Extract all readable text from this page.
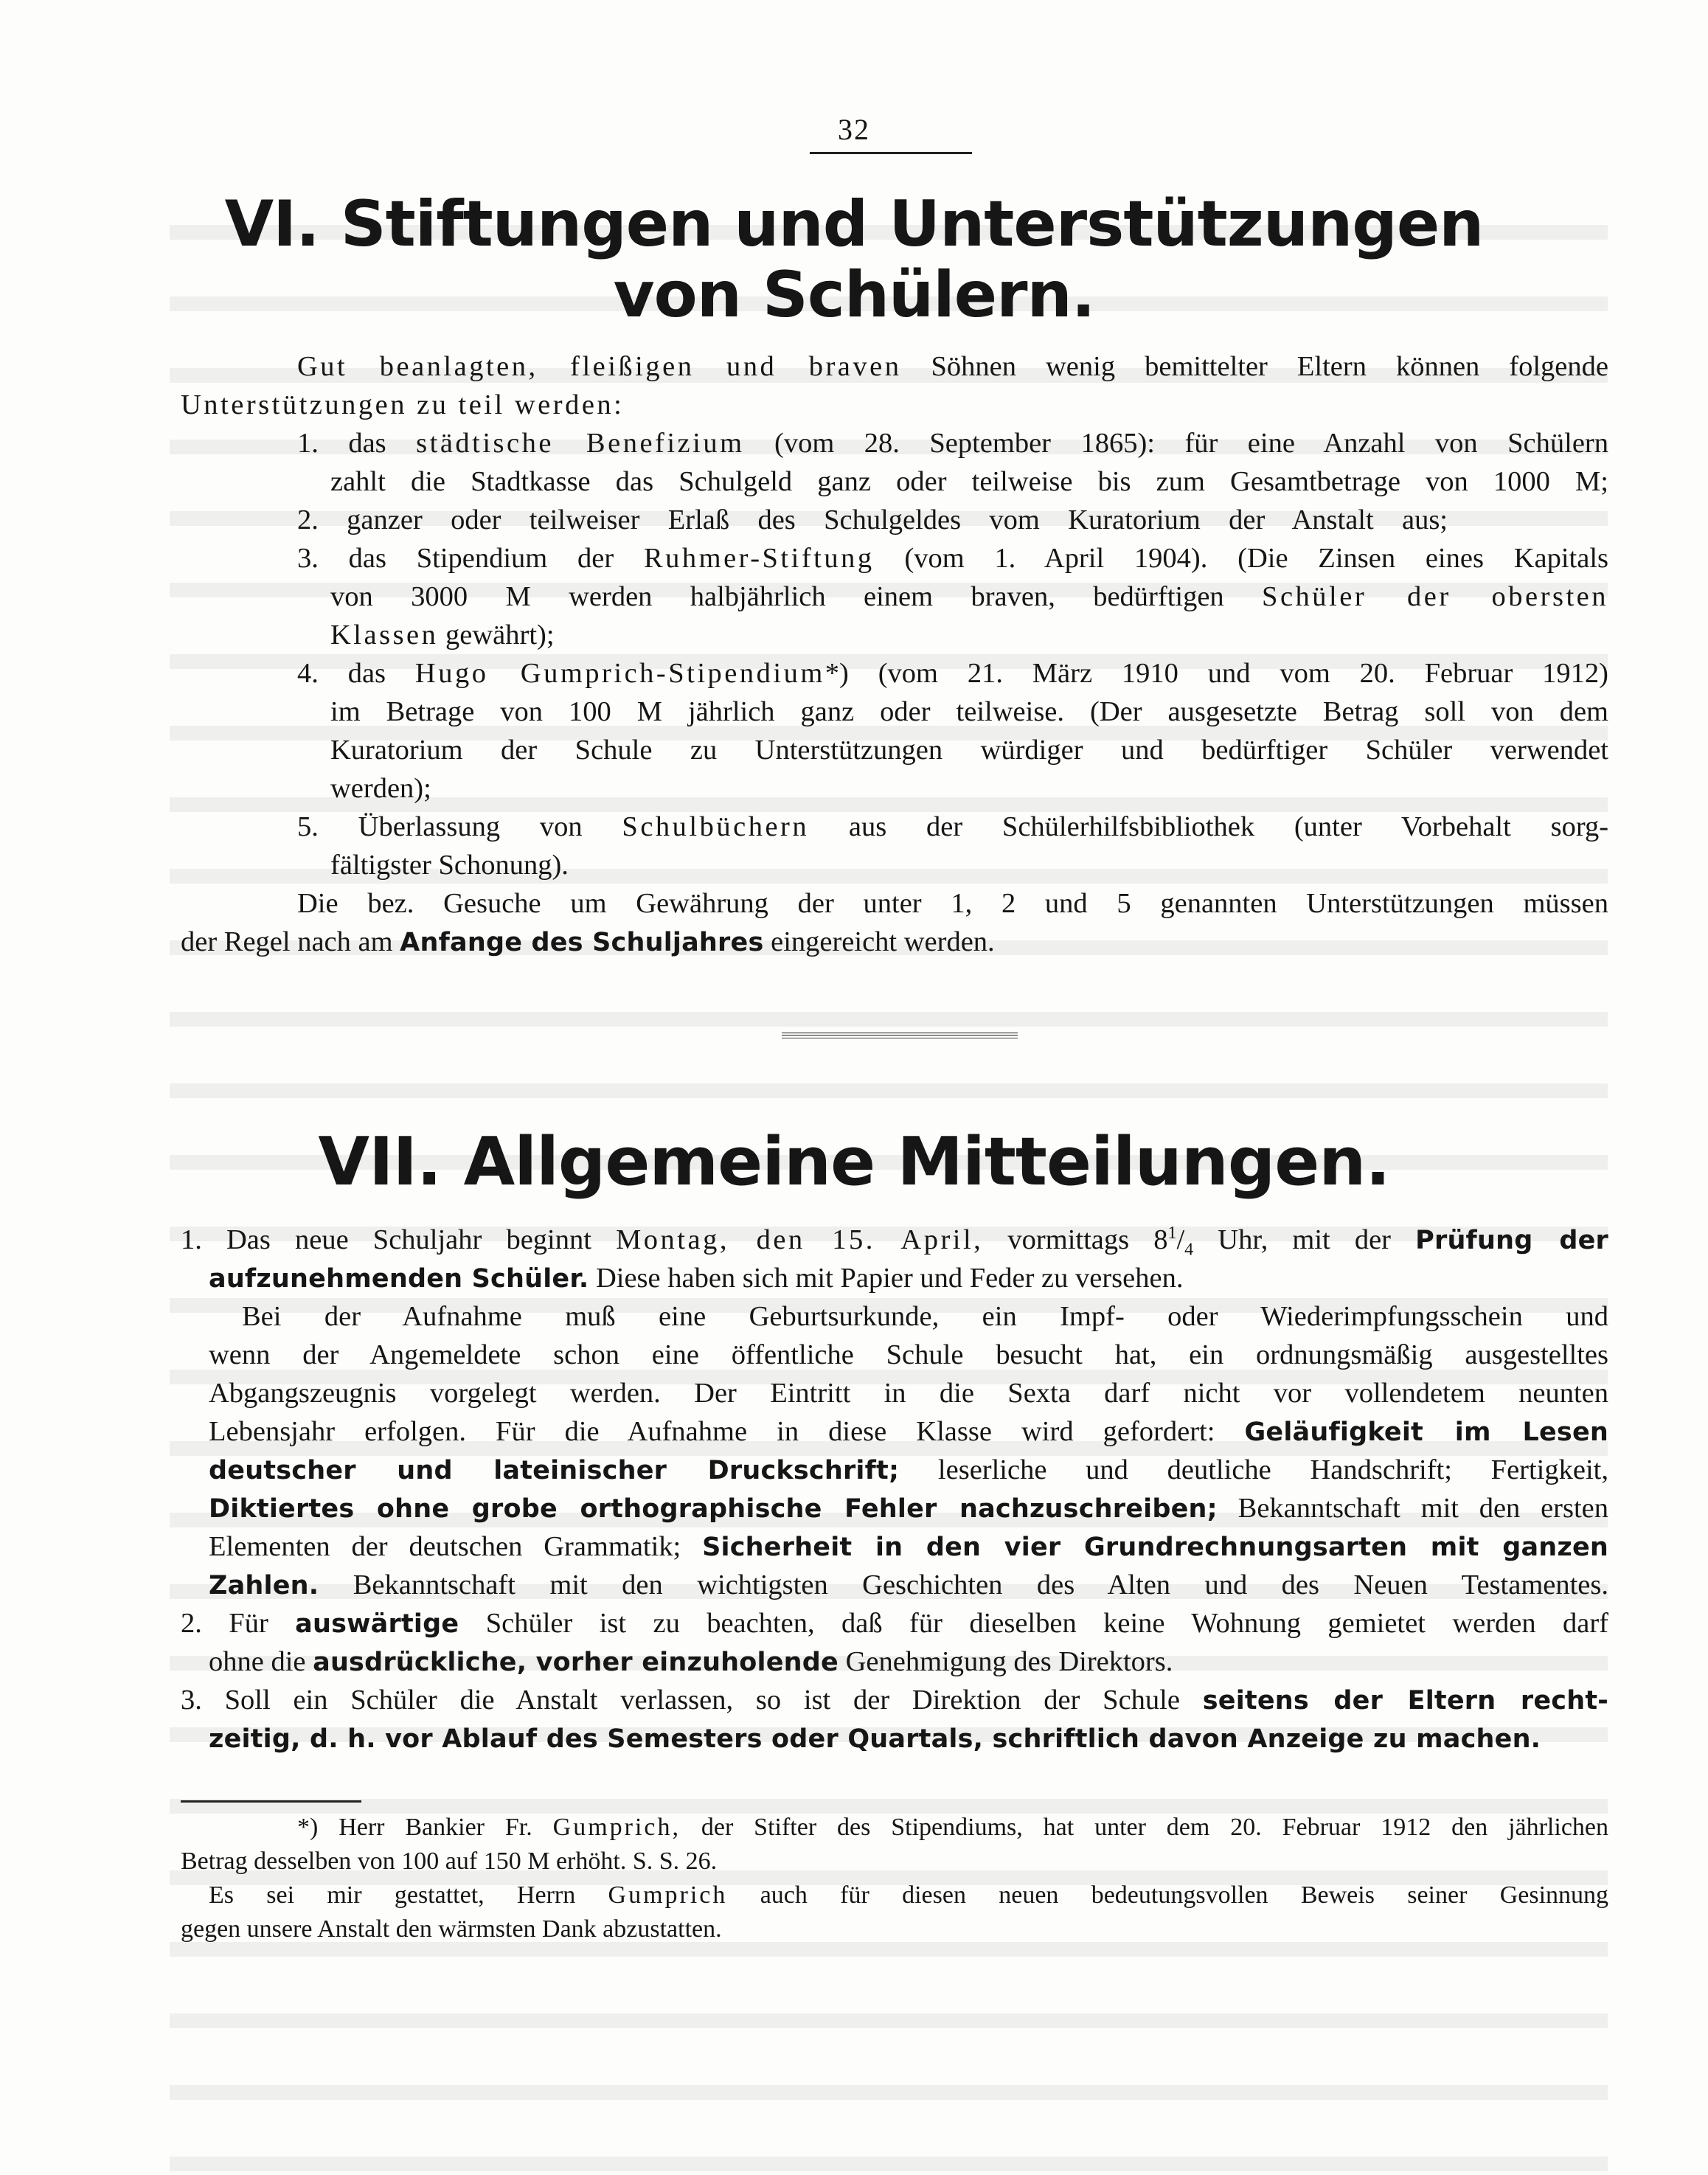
32
VI. Stiftungen und Unterstützungen
von Schülern.
Gut beanlagten, fleißigen und braven Söhnen wenig bemittelter Eltern können folgende
Unterstützungen zu teil werden:
1. das städtische Benefizium (vom 28. September 1865): für eine Anzahl von Schülern
zahlt die Stadtkasse das Schulgeld ganz oder teilweise bis zum Gesamtbetrage von 1000 M;
2. ganzer oder teilweiser Erlaß des Schulgeldes vom Kuratorium der Anstalt aus;
3. das Stipendium der Ruhmer-Stiftung (vom 1. April 1904). (Die Zinsen eines Kapitals
von 3000 M werden halbjährlich einem braven, bedürftigen Schüler der obersten
Klassen gewährt);
4. das Hugo Gumprich-Stipendium*) (vom 21. März 1910 und vom 20. Februar 1912)
im Betrage von 100 M jährlich ganz oder teilweise. (Der ausgesetzte Betrag soll von dem
Kuratorium der Schule zu Unterstützungen würdiger und bedürftiger Schüler verwendet
werden);
5. Überlassung von Schulbüchern aus der Schülerhilfsbibliothek (unter Vorbehalt sorg-
fältigster Schonung).
Die bez. Gesuche um Gewährung der unter 1, 2 und 5 genannten Unterstützungen müssen
der Regel nach am Anfange des Schuljahres eingereicht werden.
VII. Allgemeine Mitteilungen.
1. Das neue Schuljahr beginnt Montag, den 15. April, vormittags $8^1/_4$ Uhr, mit der Prüfung der
aufzunehmenden Schüler. Diese haben sich mit Papier und Feder zu versehen.
Bei der Aufnahme muß eine Geburtsurkunde, ein Impf- oder Wiederimpfungsschein und
wenn der Angemeldete schon eine öffentliche Schule besucht hat, ein ordnungsmäßig ausgestelltes
Abgangszeugnis vorgelegt werden. Der Eintritt in die Sexta darf nicht vor vollendetem neunten
Lebensjahr erfolgen. Für die Aufnahme in diese Klasse wird gefordert: Geläufigkeit im Lesen
deutscher und lateinischer Druckschrift; leserliche und deutliche Handschrift; Fertigkeit,
Diktiertes ohne grobe orthographische Fehler nachzuschreiben; Bekanntschaft mit den ersten
Elementen der deutschen Grammatik; Sicherheit in den vier Grundrechnungsarten mit ganzen
Zahlen. Bekanntschaft mit den wichtigsten Geschichten des Alten und des Neuen Testamentes.
2. Für auswärtige Schüler ist zu beachten, daß für dieselben keine Wohnung gemietet werden darf
ohne die ausdrückliche, vorher einzuholende Genehmigung des Direktors.
3. Soll ein Schüler die Anstalt verlassen, so ist der Direktion der Schule seitens der Eltern recht-
zeitig, d. h. vor Ablauf des Semesters oder Quartals, schriftlich davon Anzeige zu machen.
*) Herr Bankier Fr. Gumprich, der Stifter des Stipendiums, hat unter dem 20. Februar 1912 den jährlichen
Betrag desselben von 100 auf 150 M erhöht. S. S. 26.
Es sei mir gestattet, Herrn Gumprich auch für diesen neuen bedeutungsvollen Beweis seiner Gesinnung
gegen unsere Anstalt den wärmsten Dank abzustatten.
